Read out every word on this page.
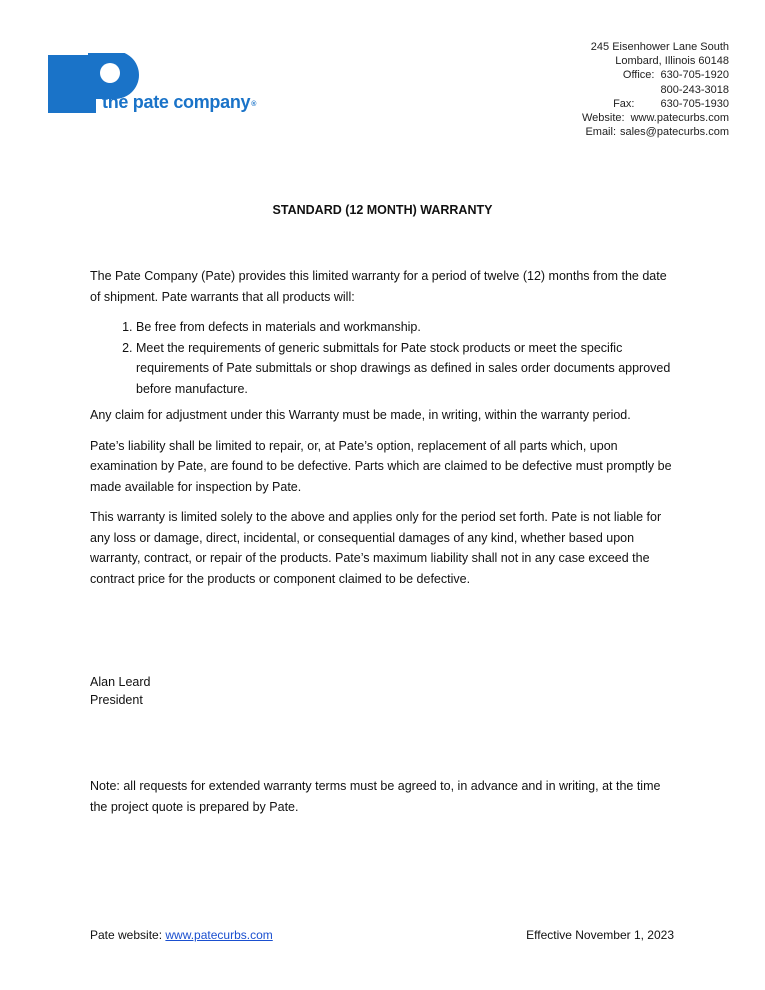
the pate company®
245 Eisenhower Lane South
Lombard, Illinois 60148
Office: 630-705-1920
800-243-3018
Fax: 630-705-1930
Website: www.patecurbs.com
Email: sales@patecurbs.com
STANDARD (12 MONTH) WARRANTY

The Pate Company (Pate) provides this limited warranty for a period of twelve (12) months from the date of shipment. Pate warrants that all products will:

1. Be free from defects in materials and workmanship.
2. Meet the requirements of generic submittals for Pate stock products or meet the specific requirements of Pate submittals or shop drawings as defined in sales order documents approved before manufacture.

Any claim for adjustment under this Warranty must be made, in writing, within the warranty period.

Pate’s liability shall be limited to repair, or, at Pate’s option, replacement of all parts which, upon examination by Pate, are found to be defective. Parts which are claimed to be defective must promptly be made available for inspection by Pate.

This warranty is limited solely to the above and applies only for the period set forth. Pate is not liable for any loss or damage, direct, incidental, or consequential damages of any kind, whether based upon warranty, contract, or repair of the products. Pate’s maximum liability shall not in any case exceed the contract price for the products or component claimed to be defective.

Alan Leard
President
Note: all requests for extended warranty terms must be agreed to, in advance and in writing, at the time the project quote is prepared by Pate.
Pate website: www.patecurbs.com	Effective November 1, 2023
